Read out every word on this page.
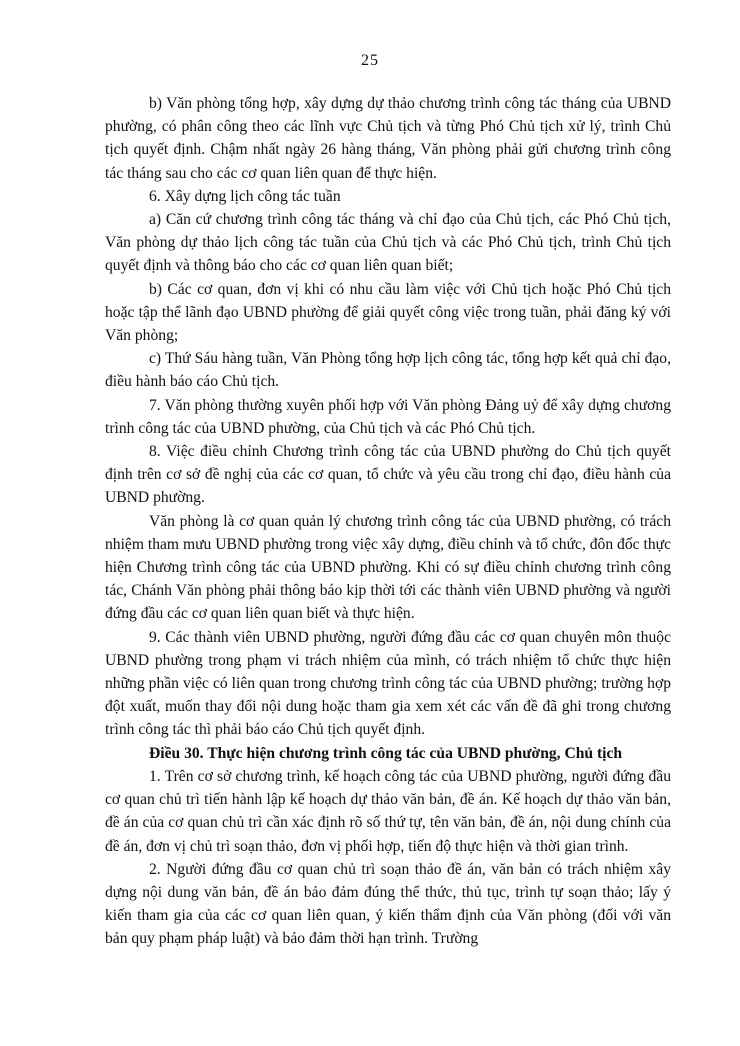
25

b) Văn phòng tổng hợp, xây dựng dự thảo chương trình công tác tháng của UBND phường, có phân công theo các lĩnh vực Chủ tịch và từng Phó Chủ tịch xử lý, trình Chủ tịch quyết định. Chậm nhất ngày 26 hàng tháng, Văn phòng phải gửi chương trình công tác tháng sau cho các cơ quan liên quan để thực hiện.

6. Xây dựng lịch công tác tuần

a) Căn cứ chương trình công tác tháng và chỉ đạo của Chủ tịch, các Phó Chủ tịch, Văn phòng dự thảo lịch công tác tuần của Chủ tịch và các Phó Chủ tịch, trình Chủ tịch quyết định và thông báo cho các cơ quan liên quan biết;

b) Các cơ quan, đơn vị khi có nhu cầu làm việc với Chủ tịch hoặc Phó Chủ tịch hoặc tập thể lãnh đạo UBND phường để giải quyết công việc trong tuần, phải đăng ký với Văn phòng;

c) Thứ Sáu hàng tuần, Văn Phòng tổng hợp lịch công tác, tổng hợp kết quả chỉ đạo, điều hành báo cáo Chủ tịch.

7. Văn phòng thường xuyên phối hợp với Văn phòng Đảng uỷ để xây dựng chương trình công tác của UBND phường, của Chủ tịch và các Phó Chủ tịch.

8. Việc điều chỉnh Chương trình công tác của UBND phường do Chủ tịch quyết định trên cơ sở đề nghị của các cơ quan, tổ chức và yêu cầu trong chỉ đạo, điều hành của UBND phường.

Văn phòng là cơ quan quản lý chương trình công tác của UBND phường, có trách nhiệm tham mưu UBND phường trong việc xây dựng, điều chỉnh và tổ chức, đôn đốc thực hiện Chương trình công tác của UBND phường. Khi có sự điều chỉnh chương trình công tác, Chánh Văn phòng phải thông báo kịp thời tới các thành viên UBND phường và người đứng đầu các cơ quan liên quan biết và thực hiện.

9. Các thành viên UBND phường, người đứng đầu các cơ quan chuyên môn thuộc UBND phường trong phạm vi trách nhiệm của mình, có trách nhiệm tổ chức thực hiện những phần việc có liên quan trong chương trình công tác của UBND phường; trường hợp đột xuất, muốn thay đổi nội dung hoặc tham gia xem xét các vấn đề đã ghi trong chương trình công tác thì phải báo cáo Chủ tịch quyết định.

Điều 30. Thực hiện chương trình công tác của UBND phường, Chủ tịch

1. Trên cơ sở chương trình, kế hoạch công tác của UBND phường, người đứng đầu cơ quan chủ trì tiến hành lập kế hoạch dự thảo văn bản, đề án. Kế hoạch dự thảo văn bản, đề án của cơ quan chủ trì cần xác định rõ số thứ tự, tên văn bản, đề án, nội dung chính của đề án, đơn vị chủ trì soạn thảo, đơn vị phối hợp, tiến độ thực hiện và thời gian trình.

2. Người đứng đầu cơ quan chủ trì soạn thảo đề án, văn bản có trách nhiệm xây dựng nội dung văn bản, đề án bảo đảm đúng thể thức, thủ tục, trình tự soạn thảo; lấy ý kiến tham gia của các cơ quan liên quan, ý kiến thẩm định của Văn phòng (đối với văn bản quy phạm pháp luật) và bảo đảm thời hạn trình. Trường
